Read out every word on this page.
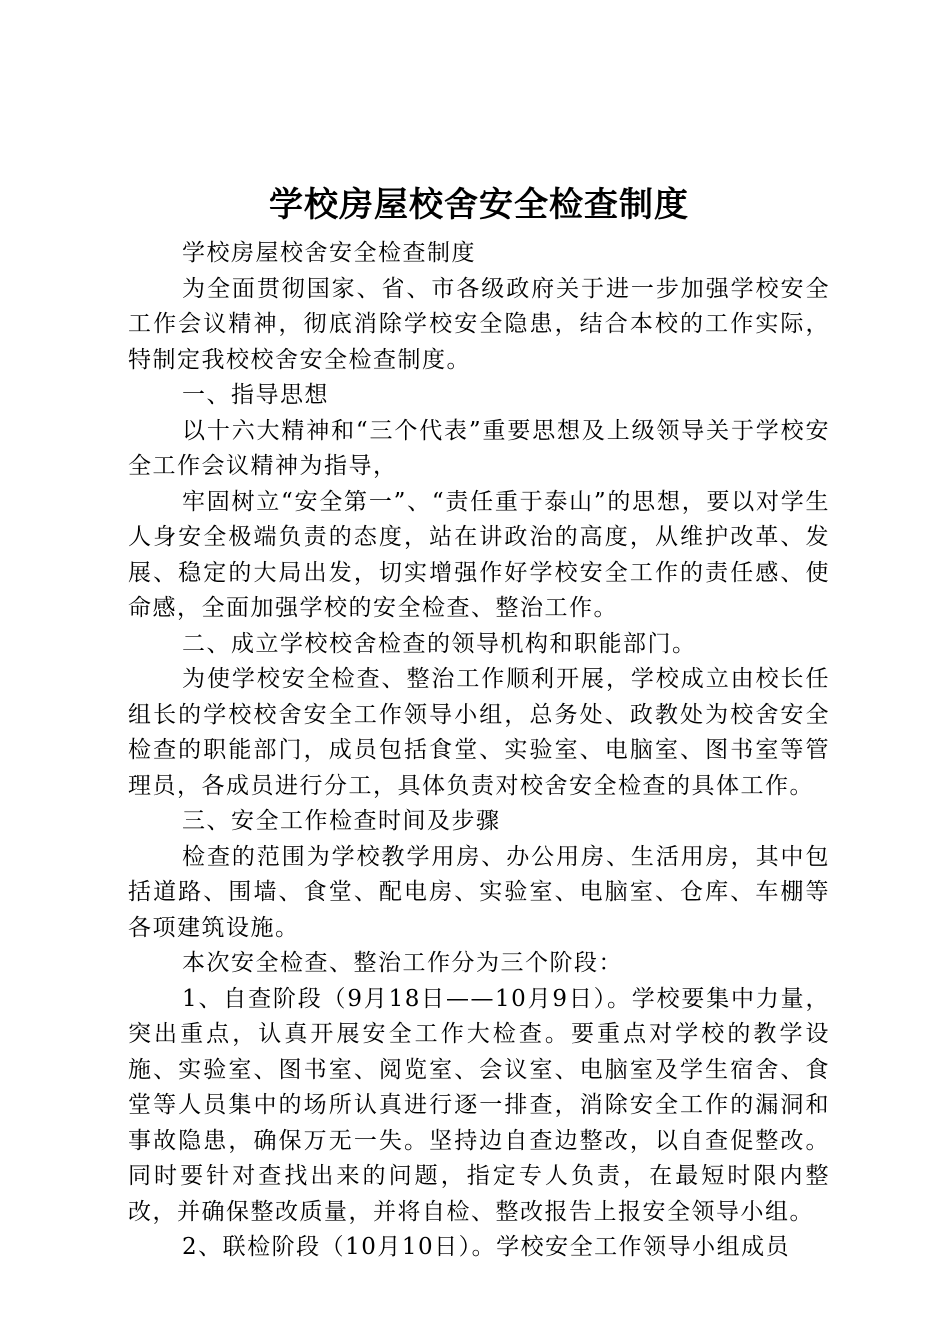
学校房屋校舍安全检查制度

学校房屋校舍安全检查制度

为全面贯彻国家、省、市各级政府关于进一步加强学校安全工作会议精神，彻底消除学校安全隐患，结合本校的工作实际，特制定我校校舍安全检查制度。

一、指导思想

以十六大精神和“三个代表”重要思想及上级领导关于学校安全工作会议精神为指导，

牢固树立“安全第一”、“责任重于泰山”的思想，要以对学生人身安全极端负责的态度，站在讲政治的高度，从维护改革、发展、稳定的大局出发，切实增强作好学校安全工作的责任感、使命感，全面加强学校的安全检查、整治工作。

二、成立学校校舍检查的领导机构和职能部门。

为使学校安全检查、整治工作顺利开展，学校成立由校长任组长的学校校舍安全工作领导小组，总务处、政教处为校舍安全检查的职能部门，成员包括食堂、实验室、电脑室、图书室等管理员，各成员进行分工，具体负责对校舍安全检查的具体工作。

三、安全工作检查时间及步骤

检查的范围为学校教学用房、办公用房、生活用房，其中包括道路、围墙、食堂、配电房、实验室、电脑室、仓库、车棚等各项建筑设施。

本次安全检查、整治工作分为三个阶段：

1、自查阶段（9月18日——10月9日）。学校要集中力量，突出重点，认真开展安全工作大检查。要重点对学校的教学设施、实验室、图书室、阅览室、会议室、电脑室及学生宿舍、食堂等人员集中的场所认真进行逐一排查，消除安全工作的漏洞和事故隐患，确保万无一失。坚持边自查边整改，以自查促整改。同时要针对查找出来的问题，指定专人负责，在最短时限内整改，并确保整改质量，并将自检、整改报告上报安全领导小组。

2、联检阶段（10月10日）。学校安全工作领导小组成员
